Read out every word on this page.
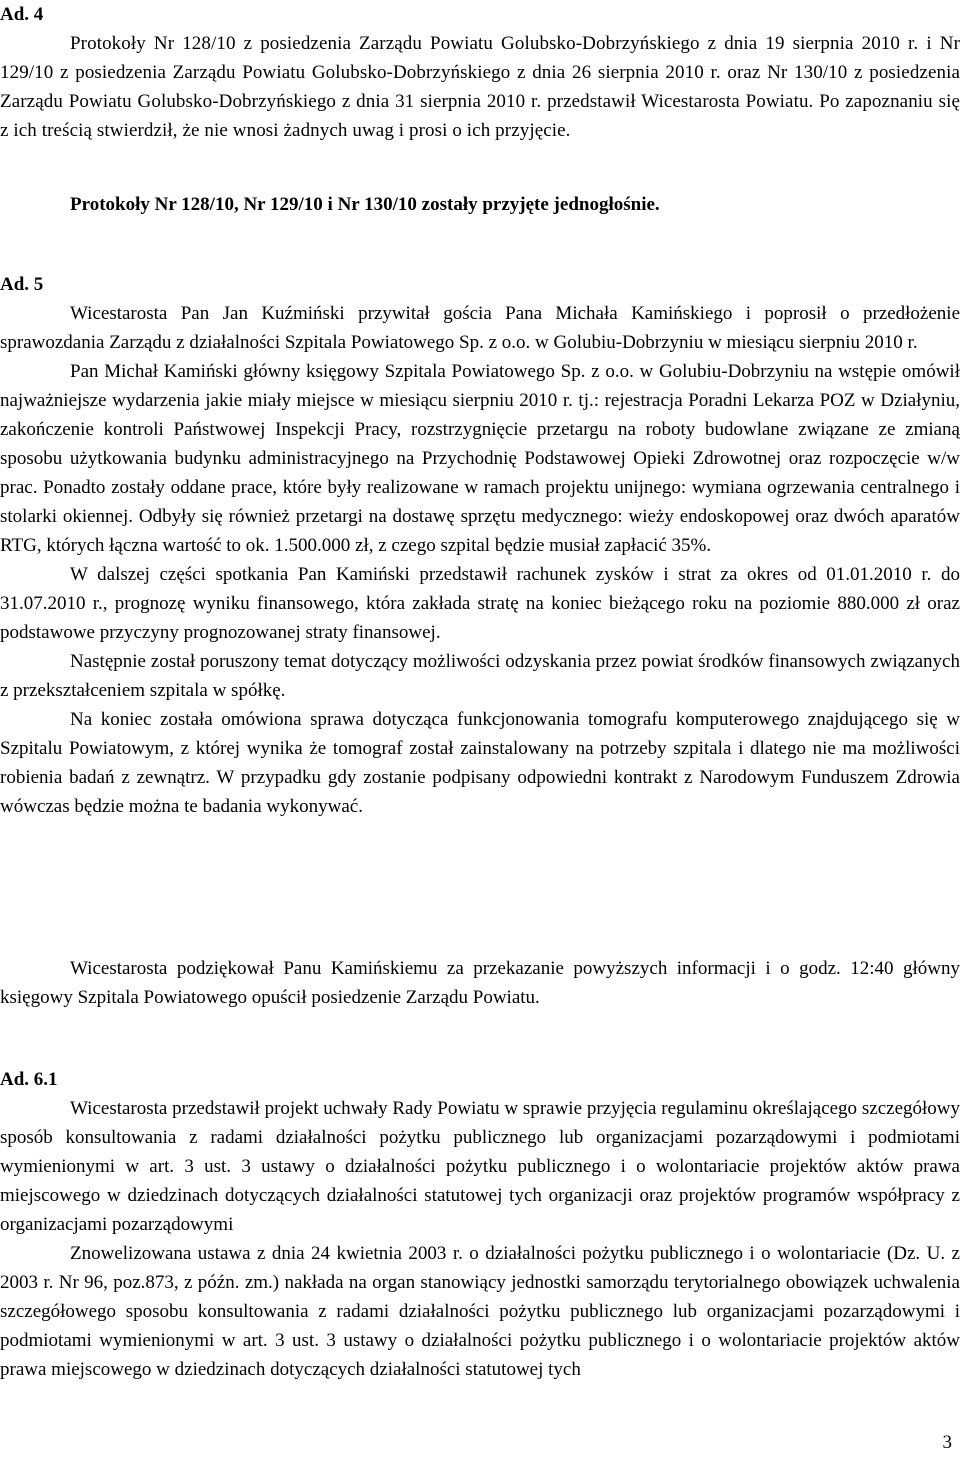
Ad. 4

Protokoły Nr 128/10 z posiedzenia Zarządu Powiatu Golubsko-Dobrzyńskiego z dnia 19 sierpnia 2010 r. i Nr 129/10 z posiedzenia Zarządu Powiatu Golubsko-Dobrzyńskiego z dnia 26 sierpnia 2010 r. oraz Nr 130/10 z posiedzenia Zarządu Powiatu Golubsko-Dobrzyńskiego z dnia 31 sierpnia 2010 r. przedstawił Wicestarosta Powiatu. Po zapoznaniu się z ich treścią stwierdził, że nie wnosi żadnych uwag i prosi o ich przyjęcie.

Protokoły Nr 128/10, Nr 129/10 i Nr 130/10 zostały przyjęte jednogłośnie.

Ad. 5

Wicestarosta Pan Jan Kuźmiński przywitał gościa Pana Michała Kamińskiego i poprosił o przedłożenie sprawozdania Zarządu z działalności Szpitala Powiatowego Sp. z o.o. w Golubiu-Dobrzyniu w miesiącu sierpniu 2010 r.

Pan Michał Kamiński główny księgowy Szpitala Powiatowego Sp. z o.o. w Golubiu-Dobrzyniu na wstępie omówił najważniejsze wydarzenia jakie miały miejsce w miesiącu sierpniu 2010 r. tj.: rejestracja Poradni Lekarza POZ w Działyniu, zakończenie kontroli Państwowej Inspekcji Pracy, rozstrzygnięcie przetargu na roboty budowlane związane ze zmianą sposobu użytkowania budynku administracyjnego na Przychodnię Podstawowej Opieki Zdrowotnej oraz rozpoczęcie w/w prac. Ponadto zostały oddane prace, które były realizowane w ramach projektu unijnego: wymiana ogrzewania centralnego i stolarki okiennej. Odbyły się również przetargi na dostawę sprzętu medycznego: wieży endoskopowej oraz dwóch aparatów RTG, których łączna wartość to ok. 1.500.000 zł, z czego szpital będzie musiał zapłacić 35%.

W dalszej części spotkania Pan Kamiński przedstawił rachunek zysków i strat za okres od 01.01.2010 r. do 31.07.2010 r., prognozę wyniku finansowego, która zakłada stratę na koniec bieżącego roku na poziomie 880.000 zł oraz podstawowe przyczyny prognozowanej straty finansowej.

Następnie został poruszony temat dotyczący możliwości odzyskania przez powiat środków finansowych związanych z przekształceniem szpitala w spółkę.

Na koniec została omówiona sprawa dotycząca funkcjonowania tomografu komputerowego znajdującego się w Szpitalu Powiatowym, z której wynika że tomograf został zainstalowany na potrzeby szpitala i dlatego nie ma możliwości robienia badań z zewnątrz. W przypadku gdy zostanie podpisany odpowiedni kontrakt z Narodowym Funduszem Zdrowia wówczas będzie można te badania wykonywać.

Wicestarosta podziękował Panu Kamińskiemu za przekazanie powyższych informacji i o godz. 12:40 główny księgowy Szpitala Powiatowego opuścił posiedzenie Zarządu Powiatu.

Ad. 6.1

Wicestarosta przedstawił projekt uchwały Rady Powiatu w sprawie przyjęcia regulaminu określającego szczegółowy sposób konsultowania z radami działalności pożytku publicznego lub organizacjami pozarządowymi i podmiotami wymienionymi w art. 3 ust. 3 ustawy o działalności pożytku publicznego i o wolontariacie projektów aktów prawa miejscowego w dziedzinach dotyczących działalności statutowej tych organizacji oraz projektów programów współpracy z organizacjami pozarządowymi

Znowelizowana ustawa z dnia 24 kwietnia 2003 r. o działalności pożytku publicznego i o wolontariacie (Dz. U. z 2003 r. Nr 96, poz.873, z późn. zm.) nakłada na organ stanowiący jednostki samorządu terytorialnego obowiązek uchwalenia szczegółowego sposobu konsultowania z radami działalności pożytku publicznego lub organizacjami pozarządowymi i podmiotami wymienionymi w art. 3 ust. 3 ustawy o działalności pożytku publicznego i o wolontariacie projektów aktów prawa miejscowego w dziedzinach dotyczących działalności statutowej tych

3
